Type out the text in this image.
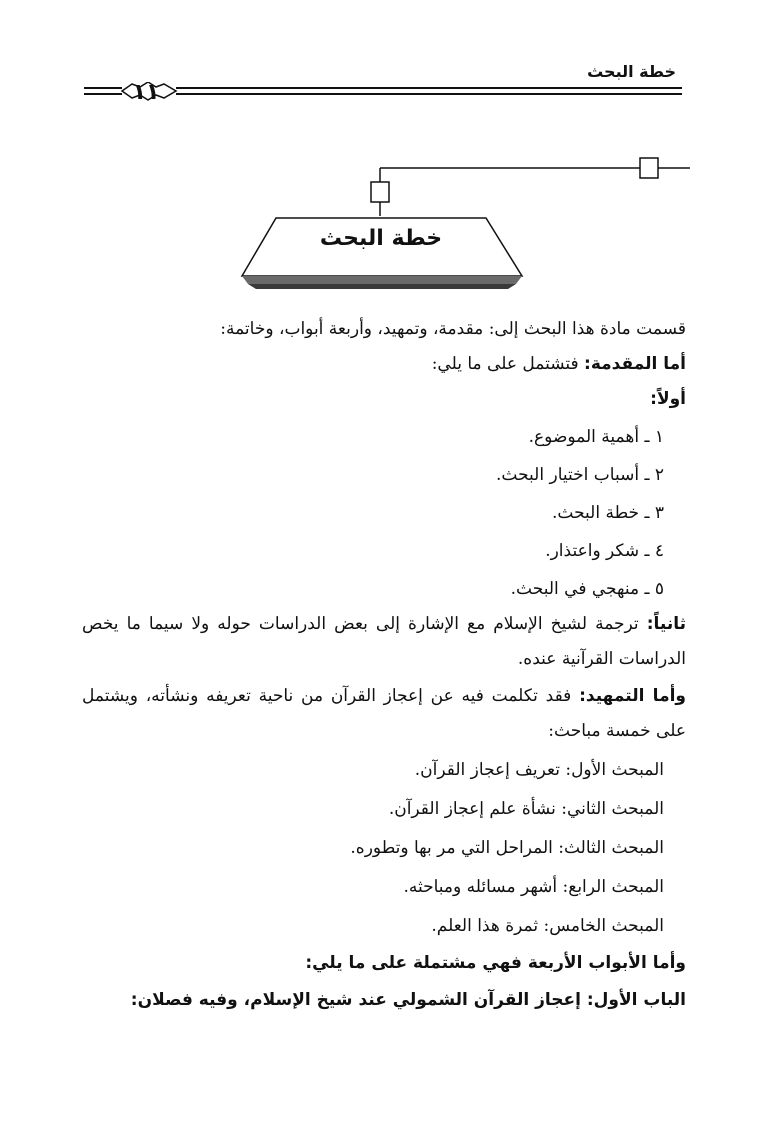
خطة البحث
١١
خطة البحث

قسمت مادة هذا البحث إلى: مقدمة، وتمهيد، وأربعة أبواب، وخاتمة:

أما المقدمة: فتشتمل على ما يلي:

أولاً:

١ ـ أهمية الموضوع.

٢ ـ أسباب اختيار البحث.

٣ ـ خطة البحث.

٤ ـ شكر واعتذار.

٥ ـ منهجي في البحث.

ثانياً: ترجمة لشيخ الإسلام مع الإشارة إلى بعض الدراسات حوله ولا سيما ما يخص الدراسات القرآنية عنده.

وأما التمهيد: فقد تكلمت فيه عن إعجاز القرآن من ناحية تعريفه ونشأته، ويشتمل على خمسة مباحث:

المبحث الأول: تعريف إعجاز القرآن.

المبحث الثاني: نشأة علم إعجاز القرآن.

المبحث الثالث: المراحل التي مر بها وتطوره.

المبحث الرابع: أشهر مسائله ومباحثه.

المبحث الخامس: ثمرة هذا العلم.

وأما الأبواب الأربعة فهي مشتملة على ما يلي:

الباب الأول: إعجاز القرآن الشمولي عند شيخ الإسلام، وفيه فصلان:
